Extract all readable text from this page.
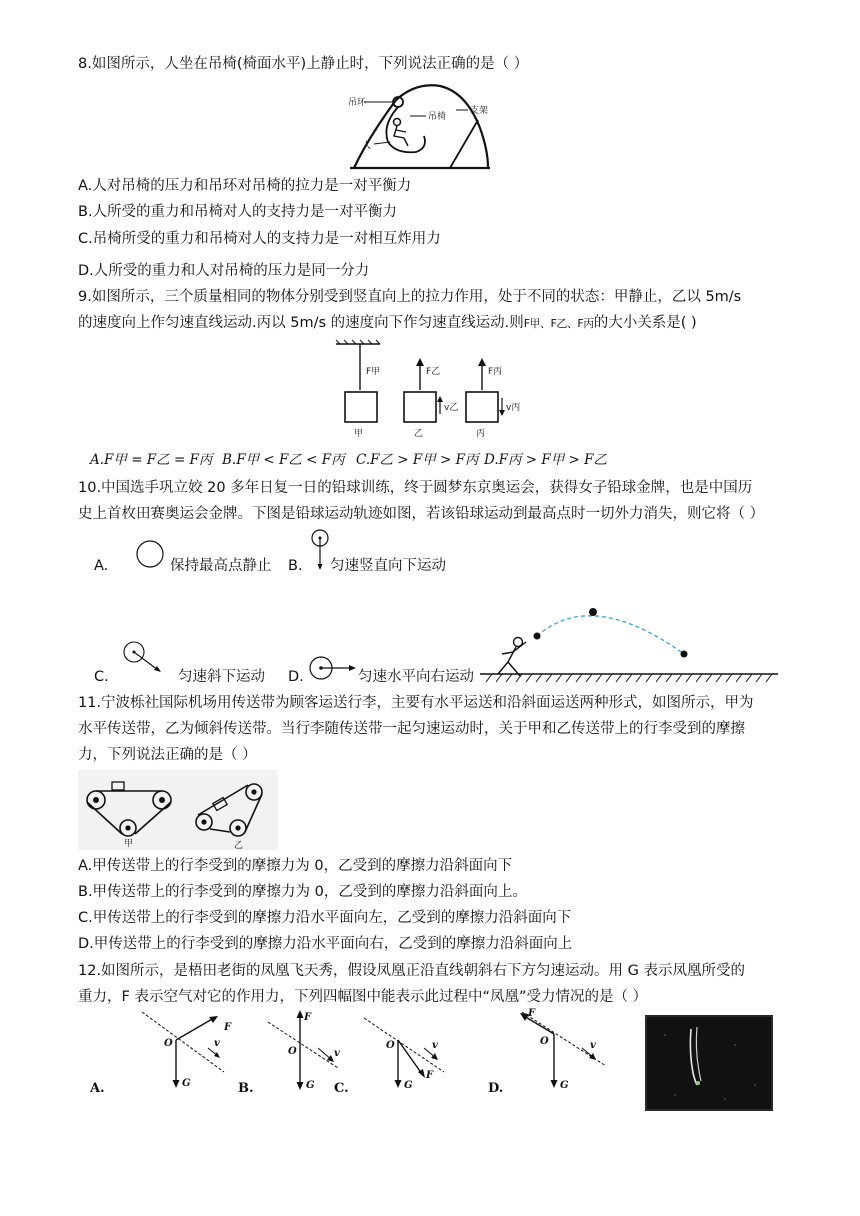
8.如图所示，人坐在吊椅(椅面水平)上静止时，下列说法正确的是（ ）
吊环
吊椅
支架
人
A.人对吊椅的压力和吊环对吊椅的拉力是一对平衡力
B.人所受的重力和吊椅对人的支持力是一对平衡力
C.吊椅所受的重力和吊椅对人的支持力是一对相互炸用力
D.人所受的重力和人对吊椅的压力是同一分力
9.如图所示，三个质量相同的物体分别受到竖直向上的拉力作用，处于不同的状态：甲静止，乙以 5m/s
的速度向上作匀速直线运动.丙以 5m/s 的速度向下作匀速直线运动.则F甲、F乙、F丙的大小关系是( )
F甲	F乙	F丙
v乙	v丙
甲	乙	丙
A.F甲 = F乙 = F丙 B.F甲 < F乙 < F丙 C.F乙 > F甲 > F丙 D.F丙 > F甲 > F乙
10.中国选手巩立姣 20 多年日复一日的铅球训练，终于圆梦东京奥运会，获得女子铅球金牌，也是中国历
史上首枚田赛奥运会金牌。下图是铅球运动轨迹如图，若该铅球运动到最高点时一切外力消失，则它将（ ）
A.	保持最高点静止 B. 匀速竖直向下运动
C.	匀速斜下运动 D.	匀速水平向右运动
11.宁波栎社国际机场用传送带为顾客运送行李，主要有水平运送和沿斜面运送两种形式，如图所示，甲为
水平传送带，乙为倾斜传送带。当行李随传送带一起匀速运动时，关于甲和乙传送带上的行李受到的摩擦
力，下列说法正确的是（ ）
甲	乙
A.甲传送带上的行李受到的摩擦力为 0，乙受到的摩擦力沿斜面向下
B.甲传送带上的行李受到的摩擦力为 0，乙受到的摩擦力沿斜面向上。
C.甲传送带上的行李受到的摩擦力沿水平面向左，乙受到的摩擦力沿斜面向下
D.甲传送带上的行李受到的摩擦力沿水平面向右，乙受到的摩擦力沿斜面向上
12.如图所示，是梧田老街的凤凰飞天秀，假设凤凰正沿直线朝斜右下方匀速运动。用 G 表示凤凰所受的
重力，F 表示空气对它的作用力，下列四幅图中能表示此过程中“凤凰”受力情况的是（ ）
A.
O
F
G
v
B.
O
F
G
v
C.
O
F
G
v
D.
O
F
G
v
